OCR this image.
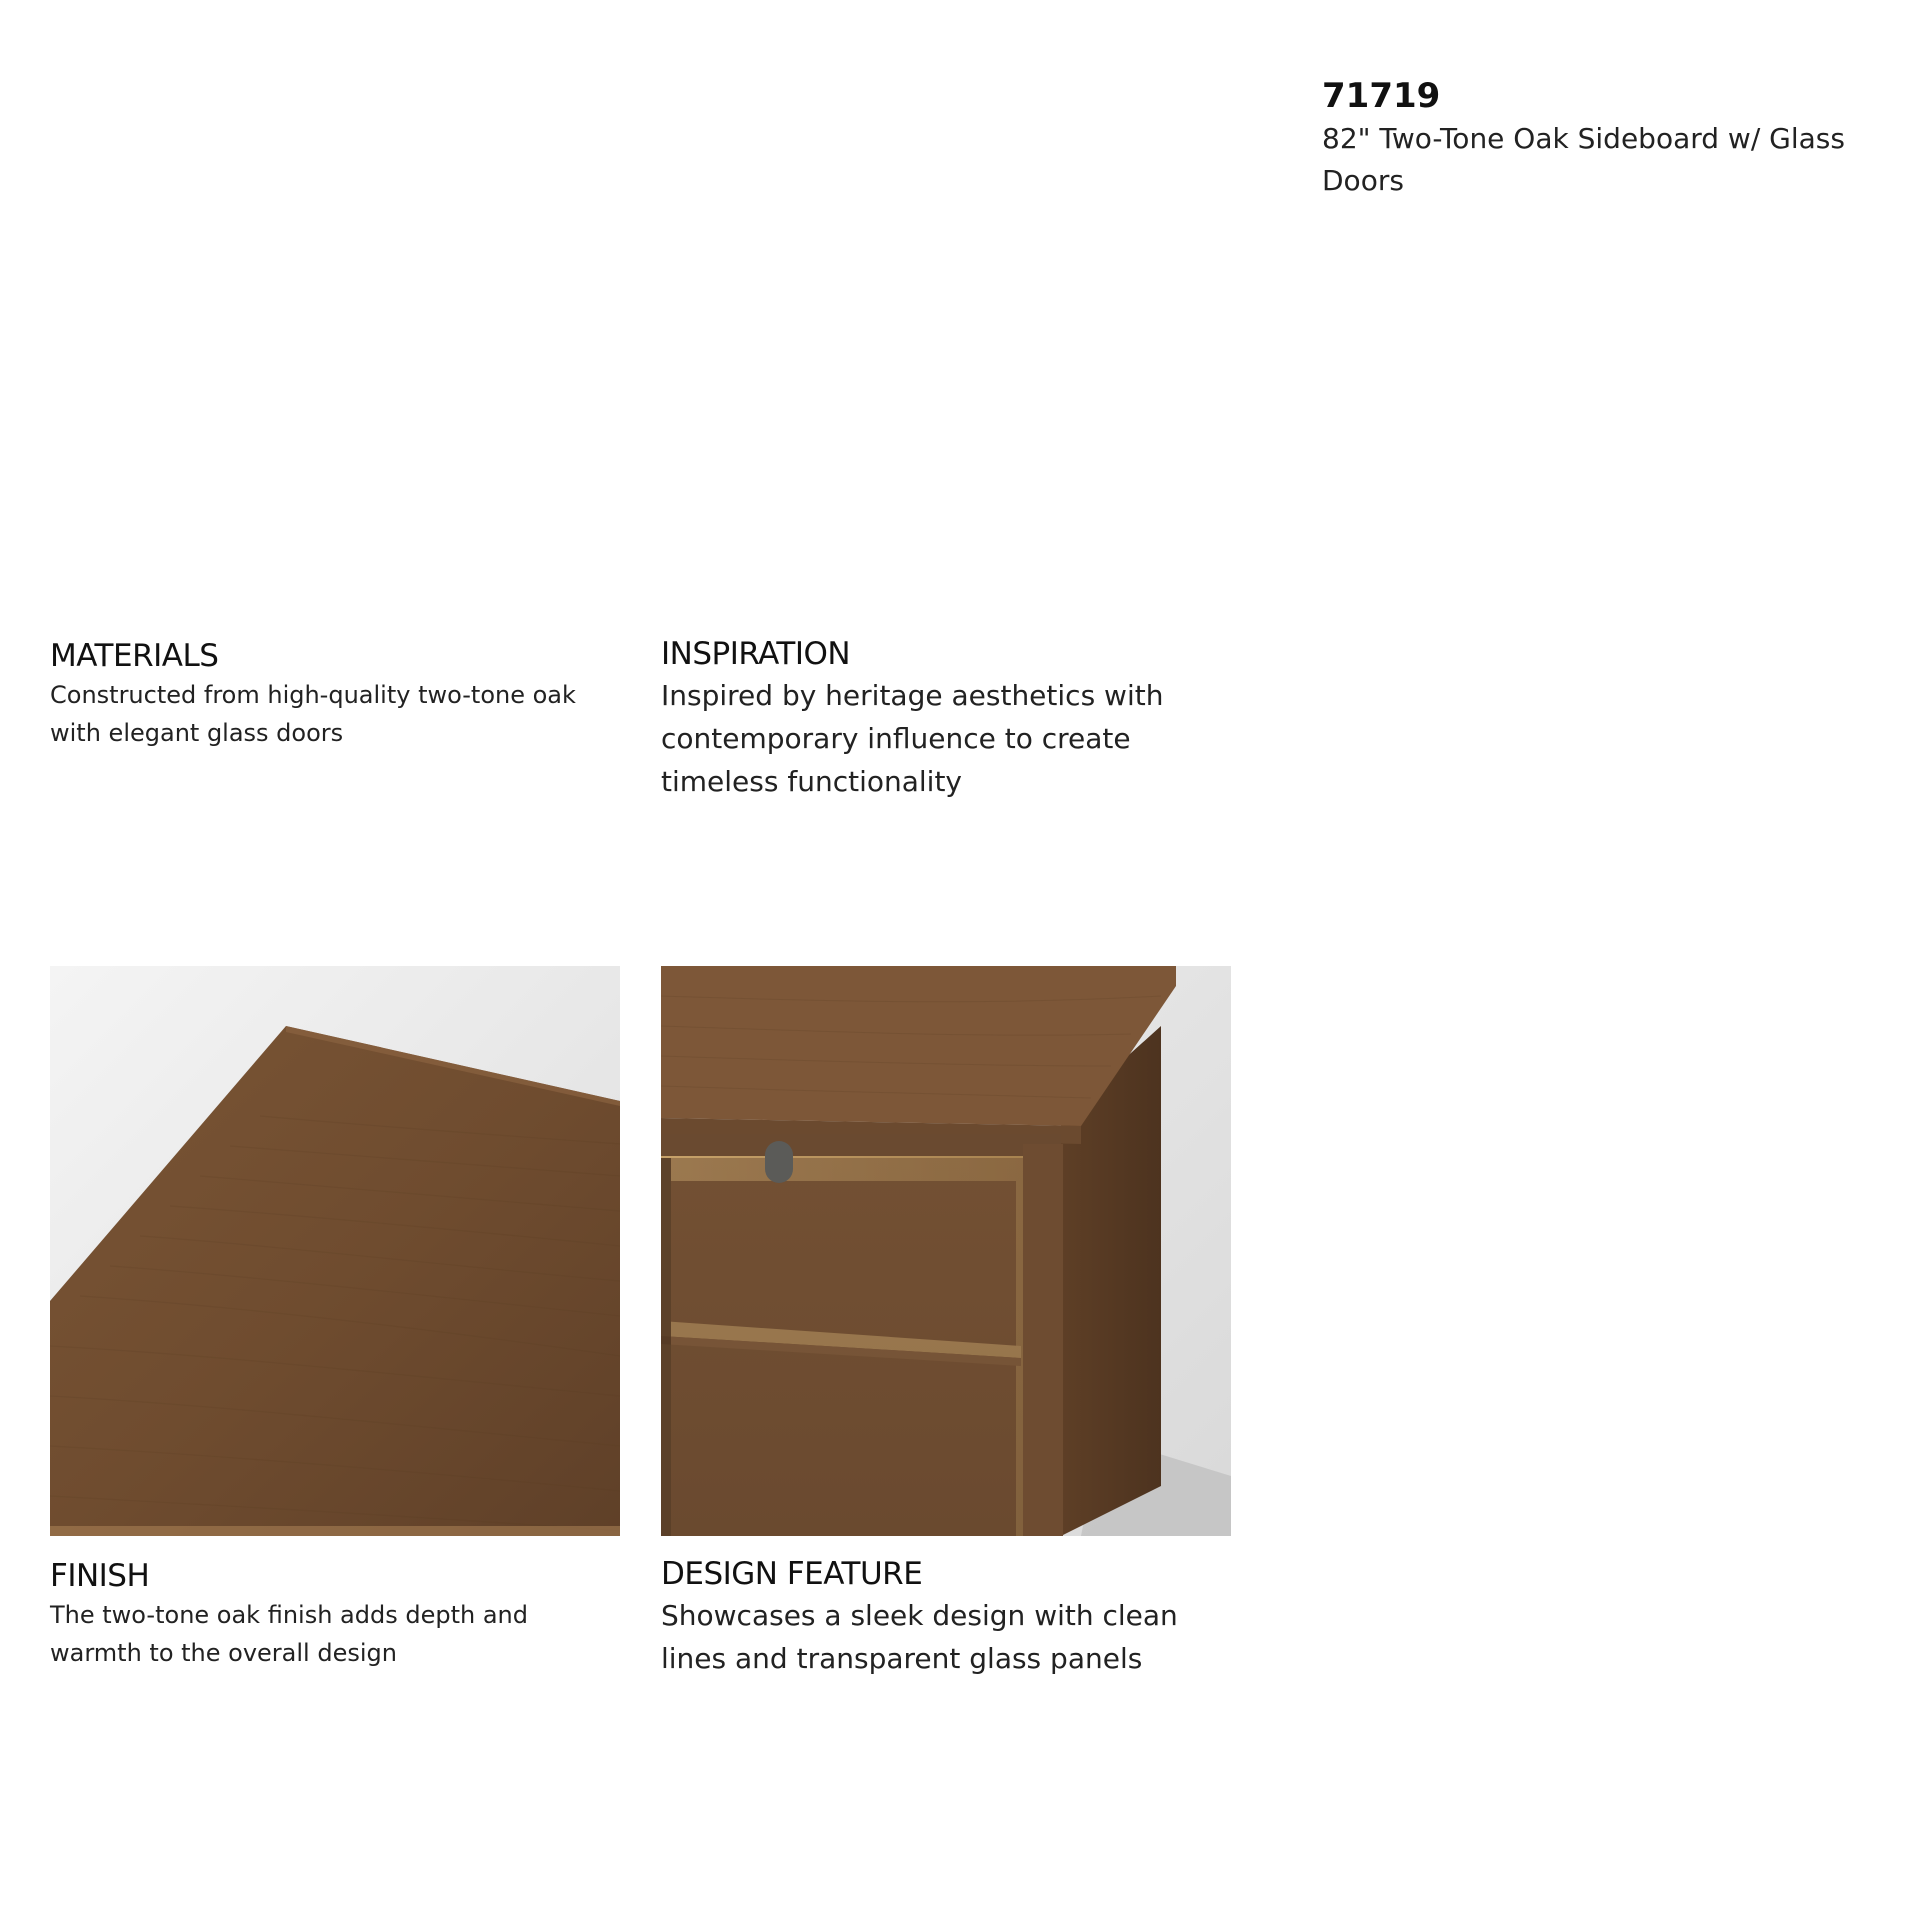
71719
82" Two-Tone Oak Sideboard w/ Glass Doors
MATERIALS

Constructed from high-quality two-tone oak with elegant glass doors

INSPIRATION

Inspired by heritage aesthetics with contemporary influence to create timeless functionality

FINISH

The two-tone oak finish adds depth and warmth to the overall design

DESIGN FEATURE

Showcases a sleek design with clean lines and transparent glass panels
